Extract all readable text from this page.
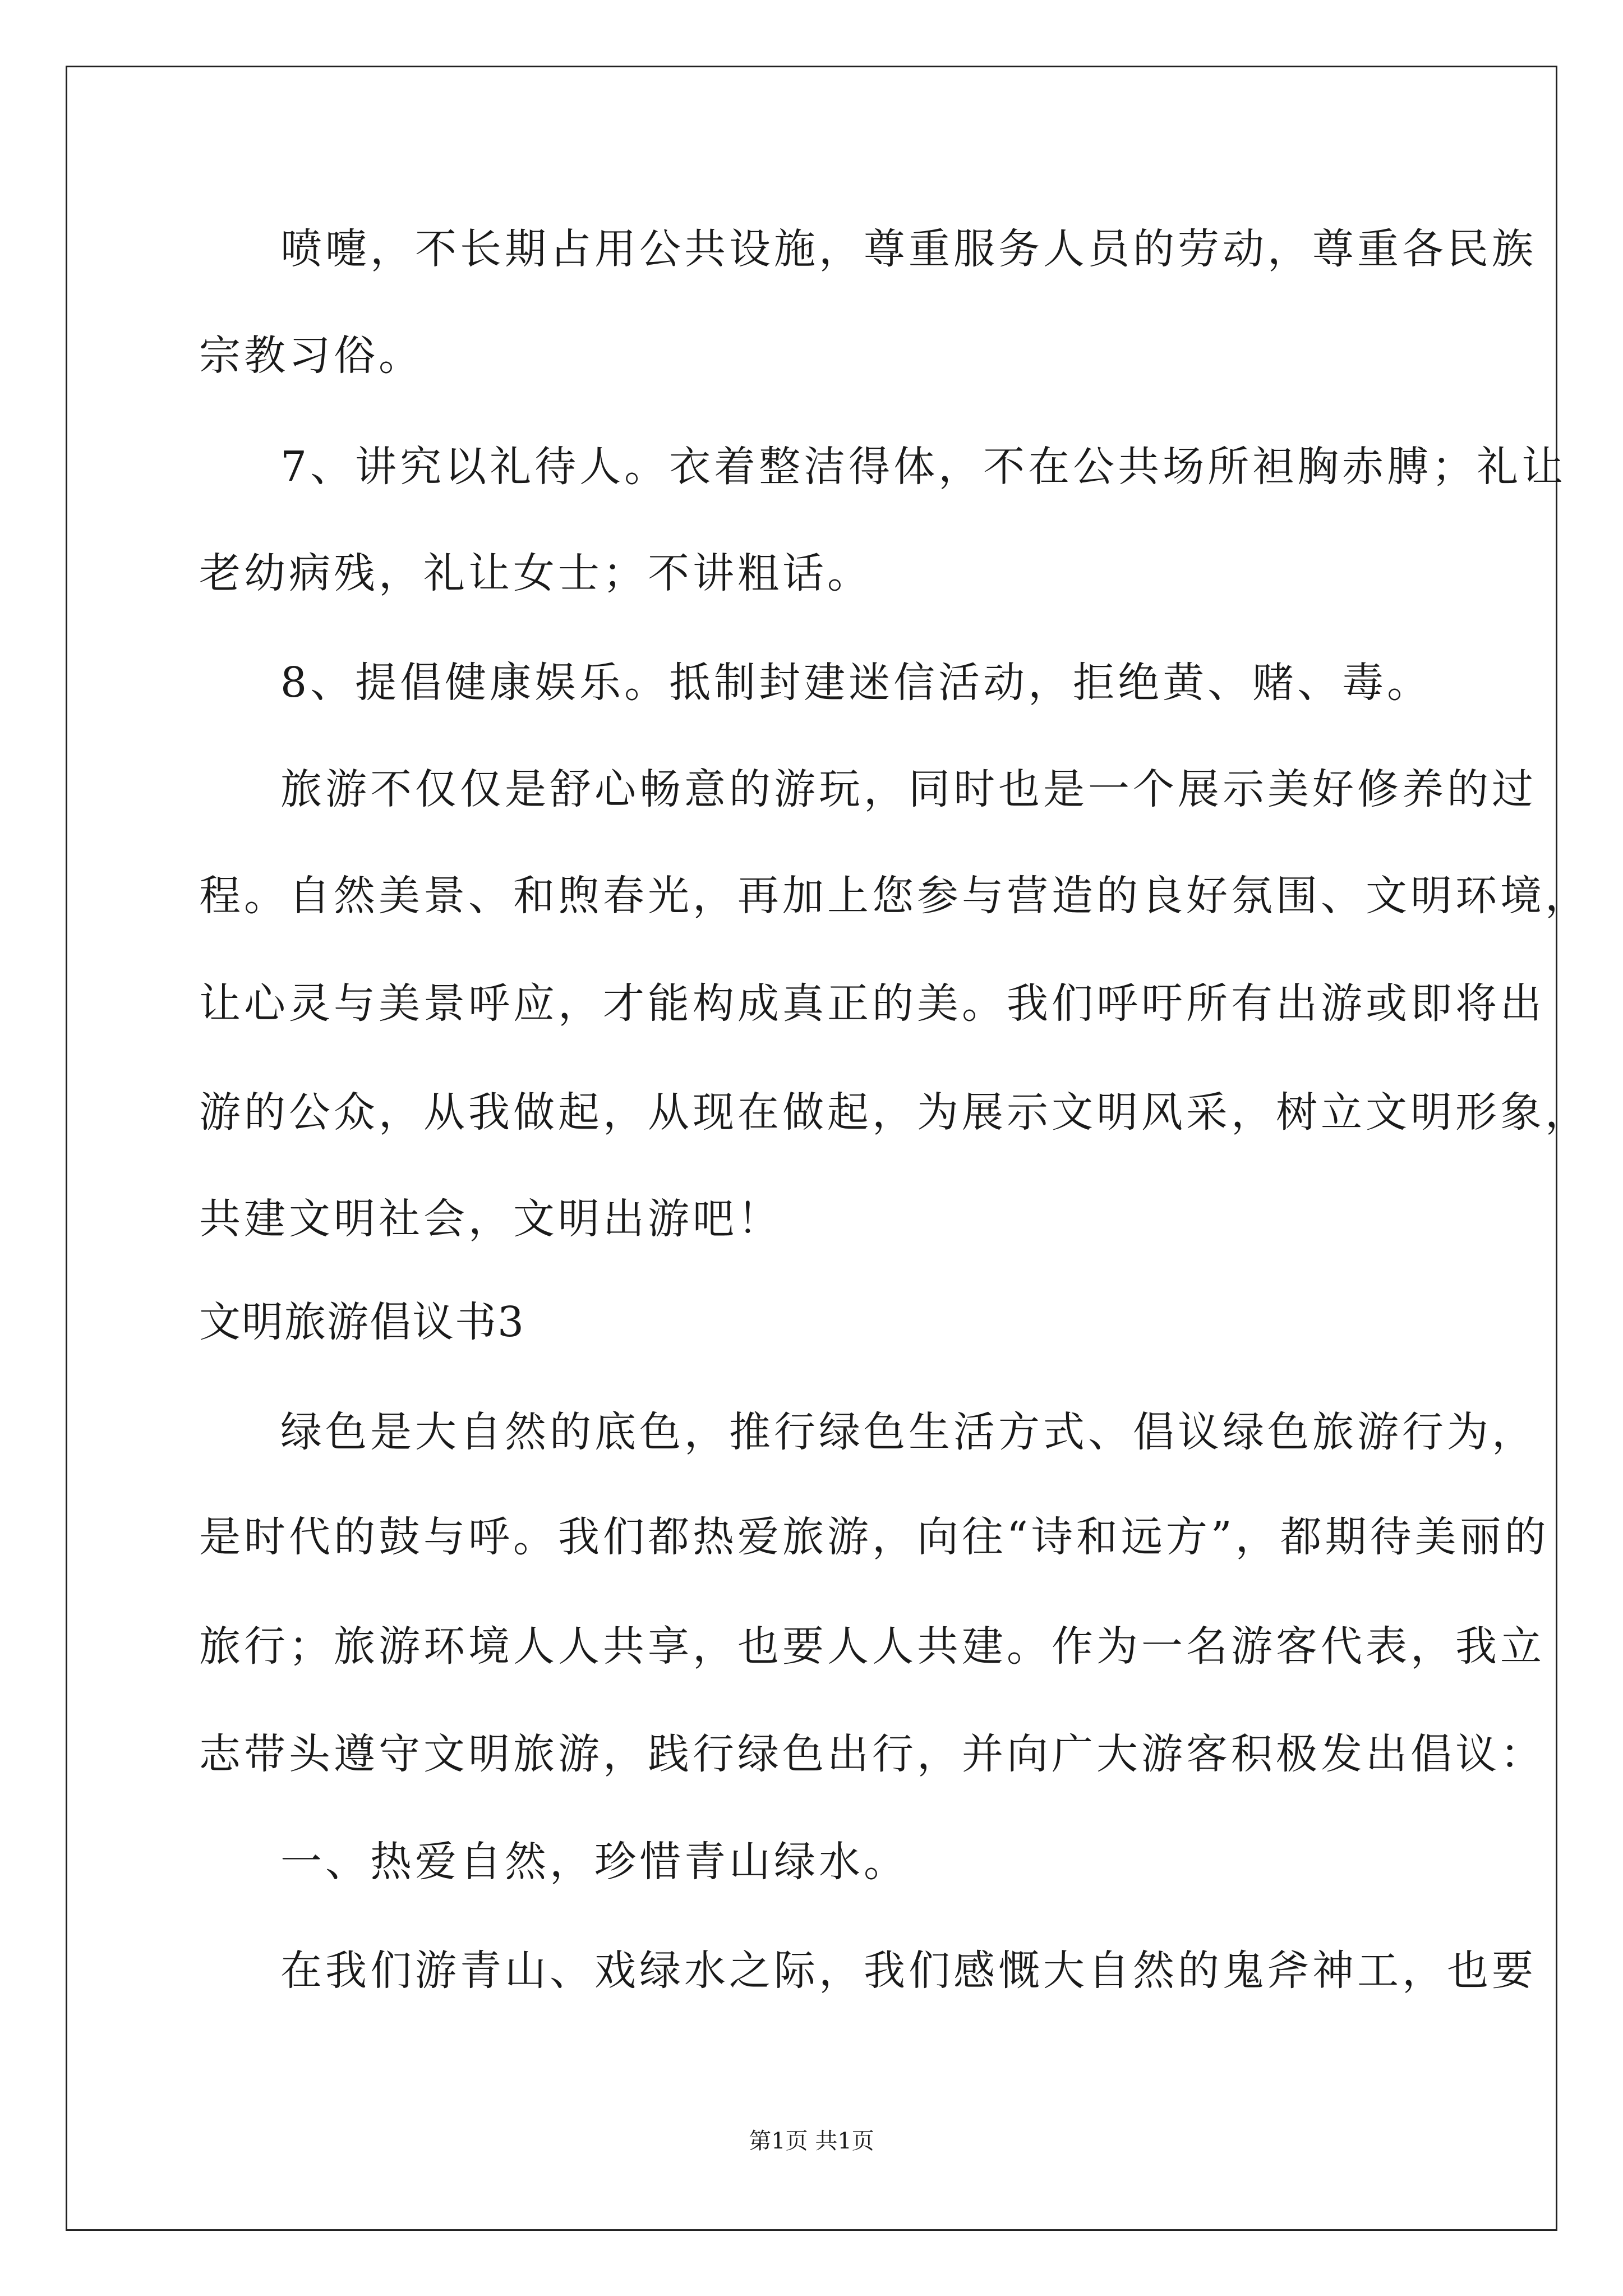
喷嚏，不长期占用公共设施，尊重服务人员的劳动，尊重各民族
宗教习俗。
7、讲究以礼待人。衣着整洁得体，不在公共场所袒胸赤膊；礼让
老幼病残，礼让女士；不讲粗话。
8、提倡健康娱乐。抵制封建迷信活动，拒绝黄、赌、毒。
旅游不仅仅是舒心畅意的游玩，同时也是一个展示美好修养的过
程。自然美景、和煦春光，再加上您参与营造的良好氛围、文明环境，
让心灵与美景呼应，才能构成真正的美。我们呼吁所有出游或即将出
游的公众，从我做起，从现在做起，为展示文明风采，树立文明形象，
共建文明社会，文明出游吧！
文明旅游倡议书3
绿色是大自然的底色，推行绿色生活方式、倡议绿色旅游行为，
是时代的鼓与呼。我们都热爱旅游，向往“诗和远方”，都期待美丽的
旅行；旅游环境人人共享，也要人人共建。作为一名游客代表，我立
志带头遵守文明旅游，践行绿色出行，并向广大游客积极发出倡议：
一、热爱自然，珍惜青山绿水。
在我们游青山、戏绿水之际，我们感慨大自然的鬼斧神工，也要
第1页 共1页
